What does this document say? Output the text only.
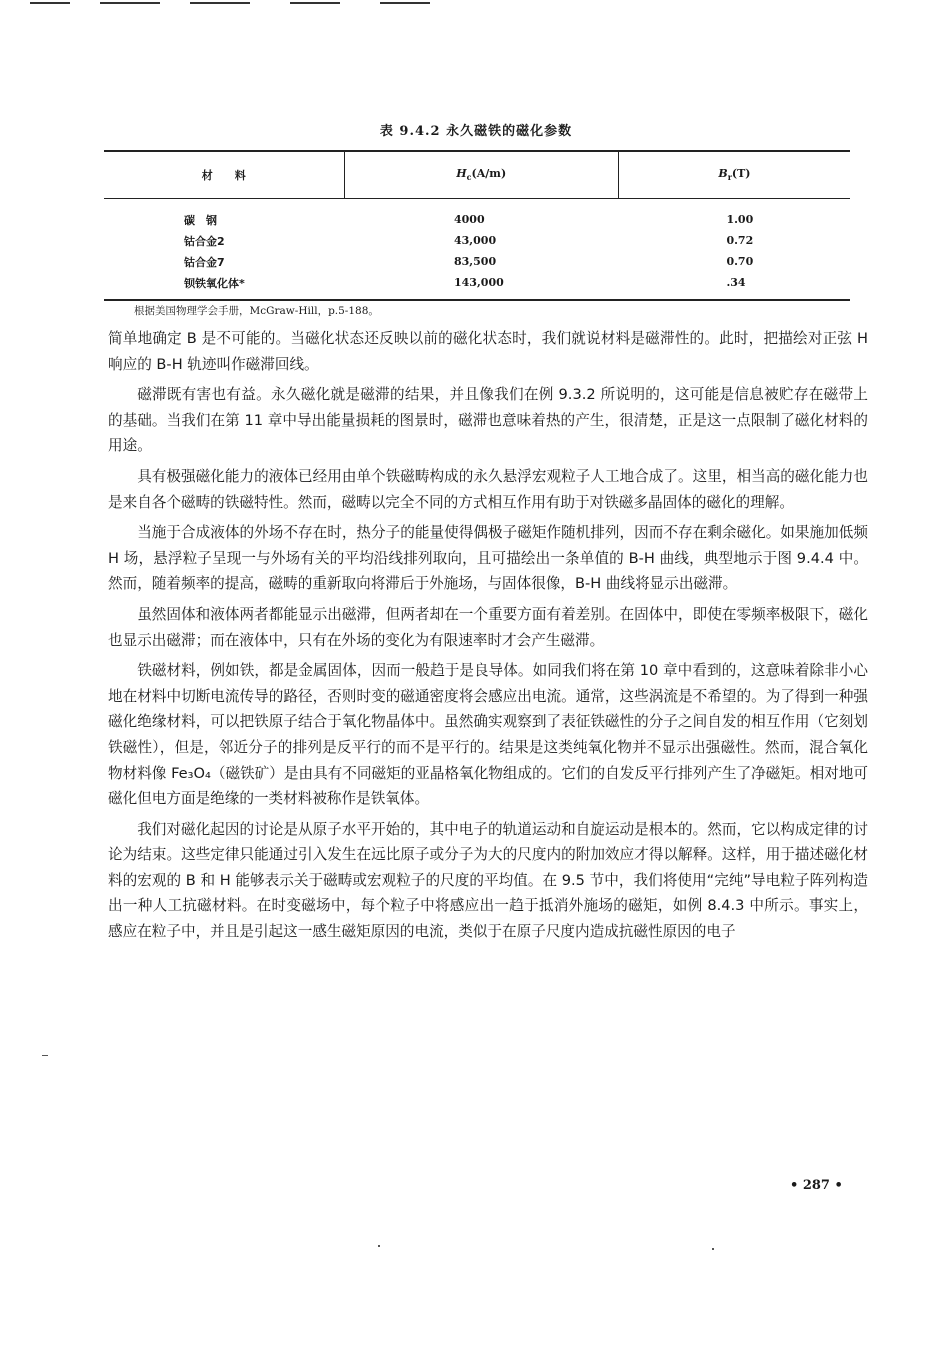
表 9.4.2 永久磁铁的磁化参数
材　　料	$H_c(A/m)$	$B_r(T)$
碳　钢	4000	1.00
钴合金2	43,000	0.72
钴合金7	83,500	0.70
钡铁氧化体*	143,000	.34
根据美国物理学会手册，McGraw-Hill，p.5-188。

简单地确定 B 是不可能的。当磁化状态还反映以前的磁化状态时，我们就说材料是磁滞性的。此时，把描绘对正弦 H 响应的 B-H 轨迹叫作磁滞回线。

磁滞既有害也有益。永久磁化就是磁滞的结果，并且像我们在例 9.3.2 所说明的，这可能是信息被贮存在磁带上的基础。当我们在第 11 章中导出能量损耗的图景时，磁滞也意味着热的产生，很清楚，正是这一点限制了磁化材料的用途。

具有极强磁化能力的液体已经用由单个铁磁畴构成的永久悬浮宏观粒子人工地合成了。这里，相当高的磁化能力也是来自各个磁畴的铁磁特性。然而，磁畴以完全不同的方式相互作用有助于对铁磁多晶固体的磁化的理解。

当施于合成液体的外场不存在时，热分子的能量使得偶极子磁矩作随机排列，因而不存在剩余磁化。如果施加低频 H 场，悬浮粒子呈现一与外场有关的平均沿线排列取向，且可描绘出一条单值的 B-H 曲线，典型地示于图 9.4.4 中。然而，随着频率的提高，磁畴的重新取向将滞后于外施场，与固体很像，B-H 曲线将显示出磁滞。

虽然固体和液体两者都能显示出磁滞，但两者却在一个重要方面有着差别。在固体中，即使在零频率极限下，磁化也显示出磁滞；而在液体中，只有在外场的变化为有限速率时才会产生磁滞。

铁磁材料，例如铁，都是金属固体，因而一般趋于是良导体。如同我们将在第 10 章中看到的，这意味着除非小心地在材料中切断电流传导的路径，否则时变的磁通密度将会感应出电流。通常，这些涡流是不希望的。为了得到一种强磁化绝缘材料，可以把铁原子结合于氧化物晶体中。虽然确实观察到了表征铁磁性的分子之间自发的相互作用（它刻划铁磁性），但是，邻近分子的排列是反平行的而不是平行的。结果是这类纯氧化物并不显示出强磁性。然而，混合氧化物材料像 Fe₃O₄（磁铁矿）是由具有不同磁矩的亚晶格氧化物组成的。它们的自发反平行排列产生了净磁矩。相对地可磁化但电方面是绝缘的一类材料被称作是铁氧体。

我们对磁化起因的讨论是从原子水平开始的，其中电子的轨道运动和自旋运动是根本的。然而，它以构成定律的讨论为结束。这些定律只能通过引入发生在远比原子或分子为大的尺度内的附加效应才得以解释。这样，用于描述磁化材料的宏观的 B 和 H 能够表示关于磁畴或宏观粒子的尺度的平均值。在 9.5 节中，我们将使用“完纯”导电粒子阵列构造出一种人工抗磁材料。在时变磁场中，每个粒子中将感应出一趋于抵消外施场的磁矩，如例 8.4.3 中所示。事实上，感应在粒子中，并且是引起这一感生磁矩原因的电流，类似于在原子尺度内造成抗磁性原因的电子

• 287 •
